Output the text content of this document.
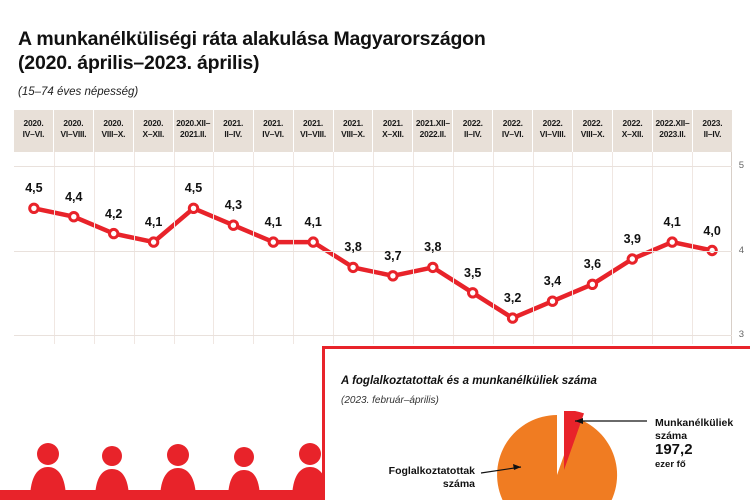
A munkanélküliségi ráta alakulása Magyarországon
(2020. április–2023. április)
(15–74 éves népesség)
2020.
IV–VI.
2020.
VI–VIII.
2020.
VIII–X.
2020.
X–XII.
2020.XII–
2021.II.
2021.
II–IV.
2021.
IV–VI.
2021.
VI–VIII.
2021.
VIII–X.
2021.
X–XII.
2021.XII–
2022.II.
2022.
II–IV.
2022.
IV–VI.
2022.
VI–VIII.
2022.
VIII–X.
2022.
X–XII.
2022.XII–
2023.II.
2023.
II–IV.
5
4
3
4,5
4,4
4,2
4,1
4,5
4,3
4,1 4,1
3,8
3,7
3,8
3,5
3,2
3,4
3,6
3,9
4,1
4,0
A foglalkoztatottak és a munkanélküliek száma
(2023. február–április)
Foglalkoztatottak
száma
Munkanélküliek
száma
197,2
ezer fő
